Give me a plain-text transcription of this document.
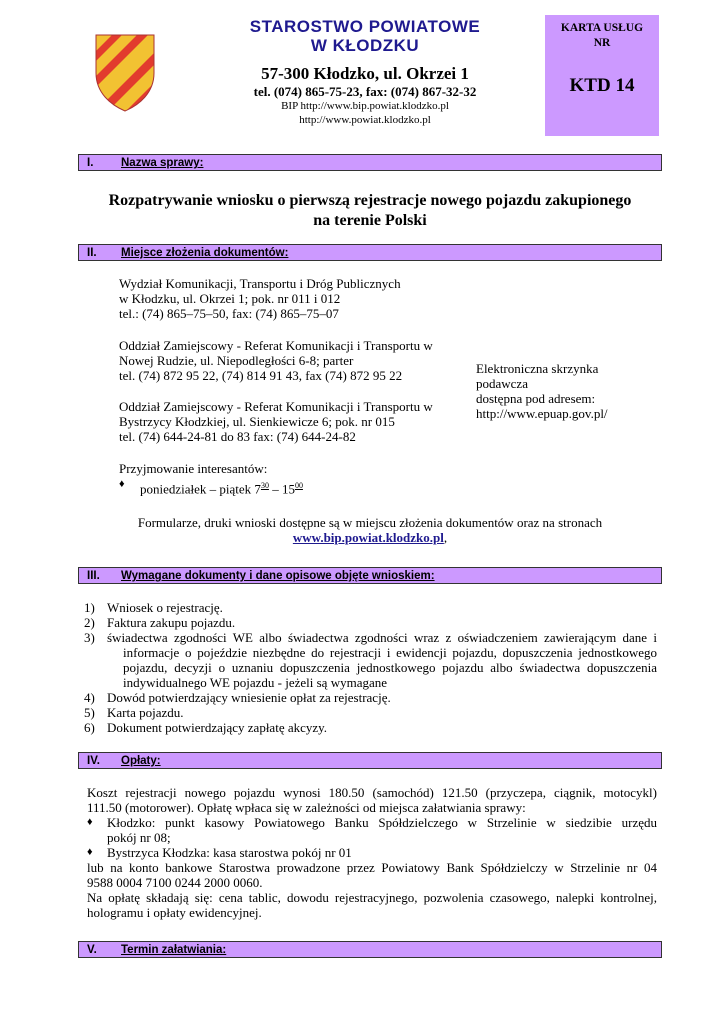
STAROSTWO POWIATOWE
W KŁODZKU
57-300 Kłodzko, ul. Okrzei 1
tel. (074) 865-75-23, fax: (074) 867-32-32
BIP http://www.bip.powiat.klodzko.pl
http://www.powiat.klodzko.pl
KARTA USŁUG
NR
KTD 14
I. Nazwa sprawy:
Rozpatrywanie wniosku o pierwszą rejestracje nowego pojazdu zakupionego
na terenie Polski
II. Miejsce złożenia dokumentów:
Wydział Komunikacji, Transportu i Dróg Publicznych
w Kłodzku, ul. Okrzei 1; pok. nr 011 i 012
tel.: (74) 865–75–50, fax: (74) 865–75–07
Oddział Zamiejscowy - Referat Komunikacji i Transportu w
Nowej Rudzie, ul. Niepodległości 6-8; parter
tel. (74) 872 95 22, (74) 814 91 43, fax (74) 872 95 22
Oddział Zamiejscowy - Referat Komunikacji i Transportu w
Bystrzycy Kłodzkiej, ul. Sienkiewicze 6; pok. nr 015
tel. (74) 644-24-81 do 83 fax: (74) 644-24-82
Elektroniczna skrzynka
podawcza
dostępna pod adresem:
http://www.epuap.gov.pl/
Przyjmowanie interesantów:
♦ poniedziałek – piątek $7^{30} - 15^{00}$
Formularze, druki wnioski dostępne są w miejscu złożenia dokumentów oraz na stronach
www.bip.powiat.klodzko.pl,
III. Wymagane dokumenty i dane opisowe objęte wnioskiem:
1) Wniosek o rejestrację.
2) Faktura zakupu pojazdu.
3) świadectwa zgodności WE albo świadectwa zgodności wraz z oświadczeniem zawierającym dane i
informacje o pojeździe niezbędne do rejestracji i ewidencji pojazdu, dopuszczenia jednostkowego
pojazdu, decyzji o uznaniu dopuszczenia jednostkowego pojazdu albo świadectwa dopuszczenia
indywidualnego WE pojazdu - jeżeli są wymagane
4) Dowód potwierdzający wniesienie opłat za rejestrację.
5) Karta pojazdu.
6) Dokument potwierdzający zapłatę akcyzy.
IV. Opłaty:
Koszt rejestracji nowego pojazdu wynosi 180.50 (samochód) 121.50 (przyczepa, ciągnik, motocykl)
111.50 (motorower). Opłatę wpłaca się w zależności od miejsca załatwiania sprawy:
♦ Kłodzko: punkt kasowy Powiatowego Banku Spółdzielczego w Strzelinie w siedzibie urzędu
pokój nr 08;
♦ Bystrzyca Kłodzka: kasa starostwa pokój nr 01
lub na konto bankowe Starostwa prowadzone przez Powiatowy Bank Spółdzielczy w Strzelinie nr 04
9588 0004 7100 0244 2000 0060.
Na opłatę składają się: cena tablic, dowodu rejestracyjnego, pozwolenia czasowego, nalepki kontrolnej,
hologramu i opłaty ewidencyjnej.
V. Termin załatwiania:
